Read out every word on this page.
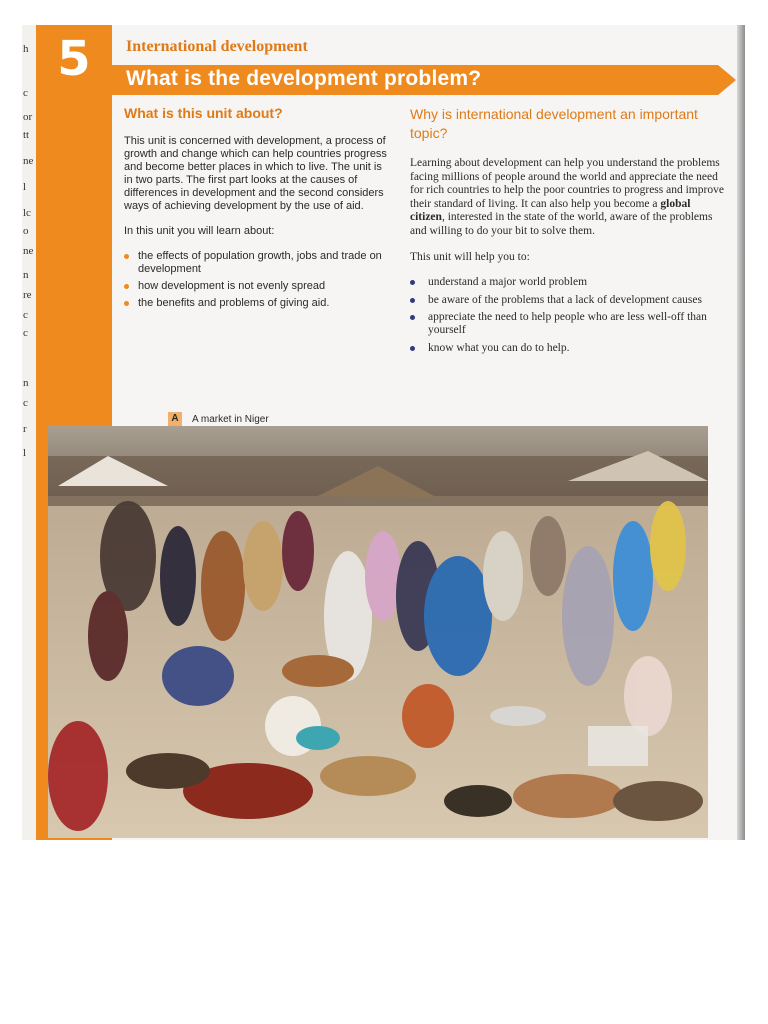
h
c
or
tt
ne
l
lc
o
ne
n
re
c
c
n
c
r
l
5	International development
What is the development problem?
What is this unit about?

This unit is concerned with development, a process of growth and change which can help countries progress and become better places in which to live. The unit is in two parts. The first part looks at the causes of differences in development and the second considers ways of achieving development by the use of aid.

In this unit you will learn about:

the effects of population growth, jobs and trade on development
how development is not evenly spread
the benefits and problems of giving aid.
Why is international development an important topic?

Learning about development can help you understand the problems facing millions of people around the world and appreciate the need for rich countries to help the poor countries to progress and improve their standard of living. It can also help you become a global citizen, interested in the state of the world, aware of the problems and willing to do your bit to solve them.

This unit will help you to:

understand a major world problem
be aware of the problems that a lack of development causes
appreciate the need to help people who are less well-off than yourself
know what you can do to help.
A	A market in Niger
